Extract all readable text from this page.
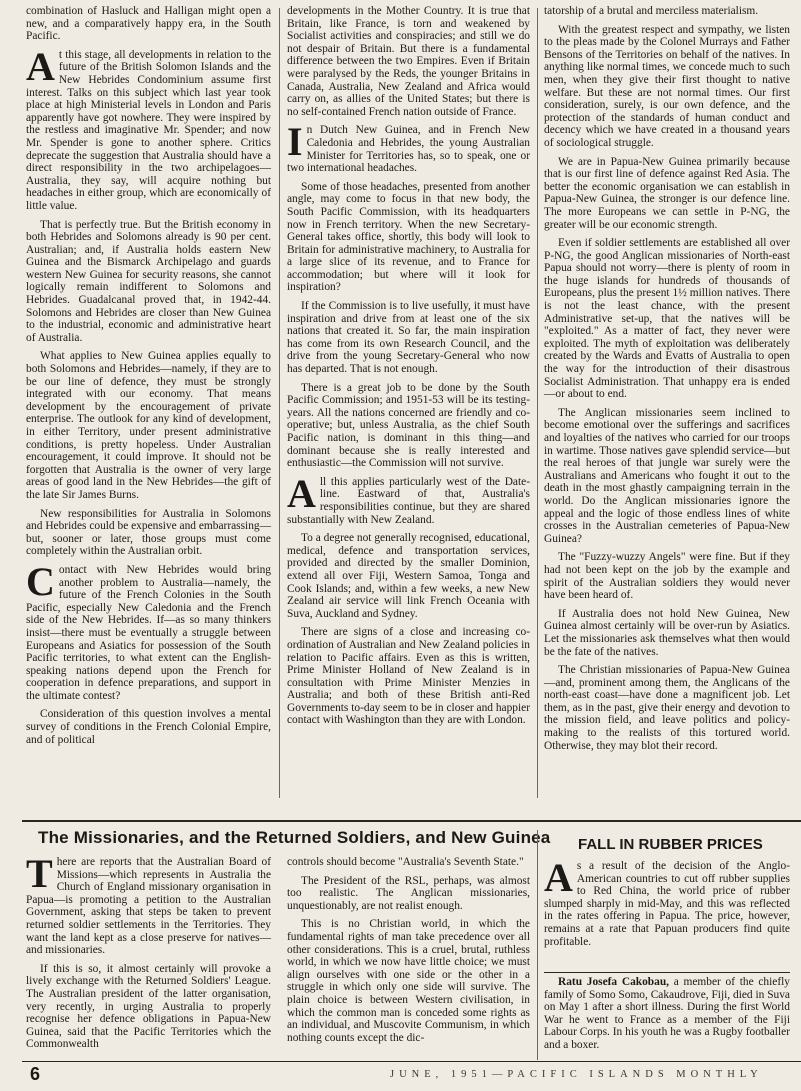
combination of Hasluck and Halligan might open a new, and a comparatively happy era, in the South Pacific.

At this stage, all developments in relation to the future of the British Solomon Islands and the New Hebrides Condominium assume first interest. Talks on this subject which last year took place at high Ministerial levels in London and Paris apparently have got nowhere. They were inspired by the restless and imaginative Mr. Spender; and now Mr. Spender is gone to another sphere. Critics deprecate the suggestion that Australia should have a direct responsibility in the two archipelagoes—Australia, they say, will acquire nothing but headaches in either group, which are economically of little value.

That is perfectly true. But the British economy in both Hebrides and Solomons already is 90 per cent. Australian; and, if Australia holds eastern New Guinea and the Bismarck Archipelago and guards western New Guinea for security reasons, she cannot logically remain indifferent to Solomons and Hebrides. Guadalcanal proved that, in 1942-44. Solomons and Hebrides are closer than New Guinea to the industrial, economic and administrative heart of Australia.

What applies to New Guinea applies equally to both Solomons and Hebrides—namely, if they are to be our line of defence, they must be strongly integrated with our economy. That means development by the encouragement of private enterprise. The outlook for any kind of development, in either Territory, under present administrative conditions, is pretty hopeless. Under Australian encouragement, it could improve. It should not be forgotten that Australia is the owner of very large areas of good land in the New Hebrides—the gift of the late Sir James Burns.

New responsibilities for Australia in Solomons and Hebrides could be expensive and embarrassing—but, sooner or later, those groups must come completely within the Australian orbit.

Contact with New Hebrides would bring another problem to Australia—namely, the future of the French Colonies in the South Pacific, especially New Caledonia and the French side of the New Hebrides. If—as so many thinkers insist—there must be eventually a struggle between Europeans and Asiatics for possession of the South Pacific territories, to what extent can the English-speaking nations depend upon the French for cooperation in defence preparations, and support in the ultimate contest?

Consideration of this question involves a mental survey of conditions in the French Colonial Empire, and of political

developments in the Mother Country. It is true that Britain, like France, is torn and weakened by Socialist activities and conspiracies; and still we do not despair of Britain. But there is a fundamental difference between the two Empires. Even if Britain were paralysed by the Reds, the younger Britains in Canada, Australia, New Zealand and Africa would carry on, as allies of the United States; but there is no self-contained French nation outside of France.

In Dutch New Guinea, and in French New Caledonia and Hebrides, the young Australian Minister for Territories has, so to speak, one or two international headaches.

Some of those headaches, presented from another angle, may come to focus in that new body, the South Pacific Commission, with its headquarters now in French territory. When the new Secretary-General takes office, shortly, this body will look to Britain for administrative machinery, to Australia for a large slice of its revenue, and to France for accommodation; but where will it look for inspiration?

If the Commission is to live usefully, it must have inspiration and drive from at least one of the six nations that created it. So far, the main inspiration has come from its own Research Council, and the drive from the young Secretary-General who now has departed. That is not enough.

There is a great job to be done by the South Pacific Commission; and 1951-53 will be its testing-years. All the nations concerned are friendly and co-operative; but, unless Australia, as the chief South Pacific nation, is dominant in this thing—and dominant because she is really interested and enthusiastic—the Commission will not survive.

All this applies particularly west of the Date-line. Eastward of that, Australia's responsibilities continue, but they are shared substantially with New Zealand.

To a degree not generally recognised, educational, medical, defence and transportation services, provided and directed by the smaller Dominion, extend all over Fiji, Western Samoa, Tonga and Cook Islands; and, within a few weeks, a new New Zealand air service will link French Oceania with Suva, Auckland and Sydney.

There are signs of a close and increasing co-ordination of Australian and New Zealand policies in relation to Pacific affairs. Even as this is written, Prime Minister Holland of New Zealand is in consultation with Prime Minister Menzies in Australia; and both of these British anti-Red Governments to-day seem to be in closer and happier contact with Washington than they are with London.

tatorship of a brutal and merciless materialism.

With the greatest respect and sympathy, we listen to the pleas made by the Colonel Murrays and Father Bensons of the Territories on behalf of the natives. In anything like normal times, we concede much to such men, when they give their first thought to native welfare. But these are not normal times. Our first consideration, surely, is our own defence, and the protection of the standards of human conduct and decency which we have created in a thousand years of sociological struggle.

We are in Papua-New Guinea primarily because that is our first line of defence against Red Asia. The better the economic organisation we can establish in Papua-New Guinea, the stronger is our defence line. The more Europeans we can settle in P-NG, the greater will be our economic strength.

Even if soldier settlements are established all over P-NG, the good Anglican missionaries of North-east Papua should not worry—there is plenty of room in the huge islands for hundreds of thousands of Europeans, plus the present 1½ million natives. There is not the least chance, with the present Administrative set-up, that the natives will be "exploited." As a matter of fact, they never were exploited. The myth of exploitation was deliberately created by the Wards and Evatts of Australia to open the way for the introduction of their disastrous Socialist Administration. That unhappy era is ended—or about to end.

The Anglican missionaries seem inclined to become emotional over the sufferings and sacrifices and loyalties of the natives who carried for our troops in wartime. Those natives gave splendid service—but the real heroes of that jungle war surely were the Australians and Americans who fought it out to the death in the most ghastly campaigning terrain in the world. Do the Anglican missionaries ignore the appeal and the logic of those endless lines of white crosses in the Australian cemeteries of Papua-New Guinea?

The "Fuzzy-wuzzy Angels" were fine. But if they had not been kept on the job by the example and spirit of the Australian soldiers they would never have been heard of.

If Australia does not hold New Guinea, New Guinea almost certainly will be over-run by Asiatics. Let the missionaries ask themselves what then would be the fate of the natives.

The Christian missionaries of Papua-New Guinea—and, prominent among them, the Anglicans of the north-east coast—have done a magnificent job. Let them, as in the past, give their energy and devotion to the mission field, and leave politics and policy-making to the realists of this tortured world. Otherwise, they may blot their record.

The Missionaries, and the Returned Soldiers, and New Guinea

There are reports that the Australian Board of Missions—which represents in Australia the Church of England missionary organisation in Papua—is promoting a petition to the Australian Government, asking that steps be taken to prevent returned soldier settlements in the Territories. They want the land kept as a close preserve for natives—and missionaries.

If this is so, it almost certainly will provoke a lively exchange with the Returned Soldiers' League. The Australian president of the latter organisation, very recently, in urging Australia to properly recognise her defence obligations in Papua-New Guinea, said that the Pacific Territories which the Commonwealth

controls should become "Australia's Seventh State."

The President of the RSL, perhaps, was almost too realistic. The Anglican missionaries, unquestionably, are not realist enough.

This is no Christian world, in which the fundamental rights of man take precedence over all other considerations. This is a cruel, brutal, ruthless world, in which we now have little choice; we must align ourselves with one side or the other in a struggle in which only one side will survive. The plain choice is between Western civilisation, in which the common man is conceded some rights as an individual, and Muscovite Communism, in which nothing counts except the dic-

FALL IN RUBBER PRICES

As a result of the decision of the Anglo-American countries to cut off rubber supplies to Red China, the world price of rubber slumped sharply in mid-May, and this was reflected in the rates offering in Papua. The price, however, remains at a rate that Papuan producers find quite profitable.

Ratu Josefa Cakobau, a member of the chiefly family of Somo Somo, Cakaudrove, Fiji, died in Suva on May 1 after a short illness. During the first World War he went to France as a member of the Fiji Labour Corps. In his youth he was a Rugby footballer and a boxer.

6	JUNE, 1951—PACIFIC ISLANDS MONTHLY
